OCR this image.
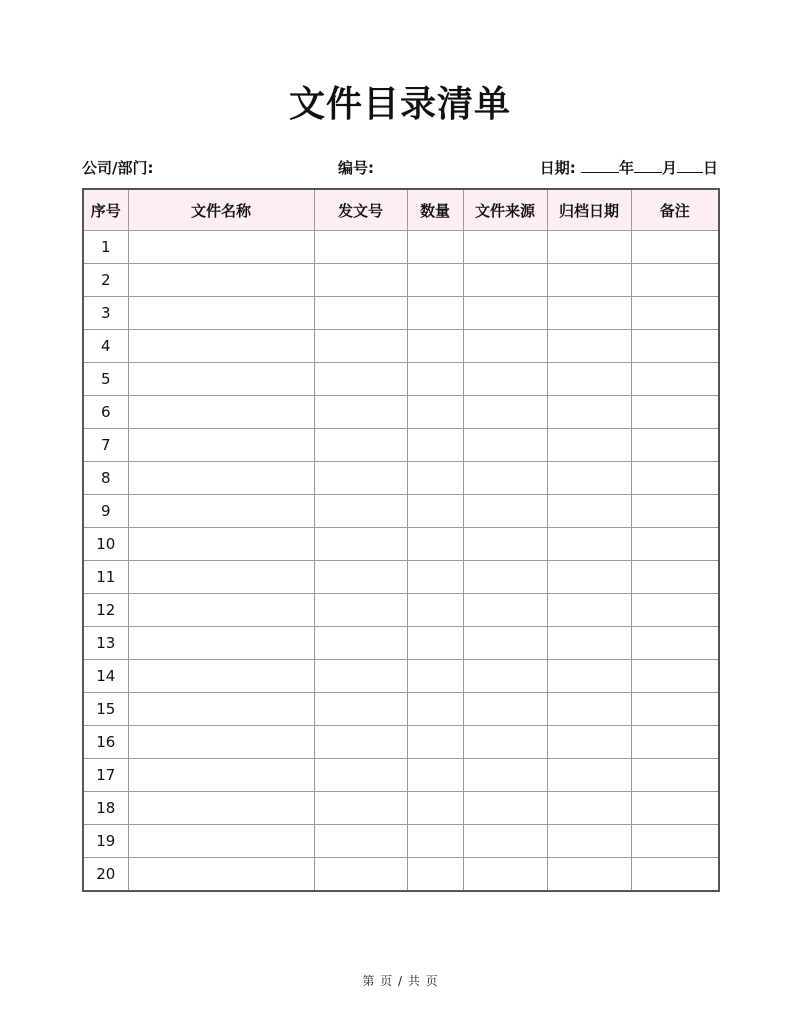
文件目录清单
公司/部门:	编号:	日期:	年 月 日
序号	文件名称	发文号	数量	文件来源	归档日期	备注
1						
2						
3						
4						
5						
6						
7						
8						
9						
10						
11						
12						
13						
14						
15						
16						
17						
18						
19						
20						
第 页 / 共 页
